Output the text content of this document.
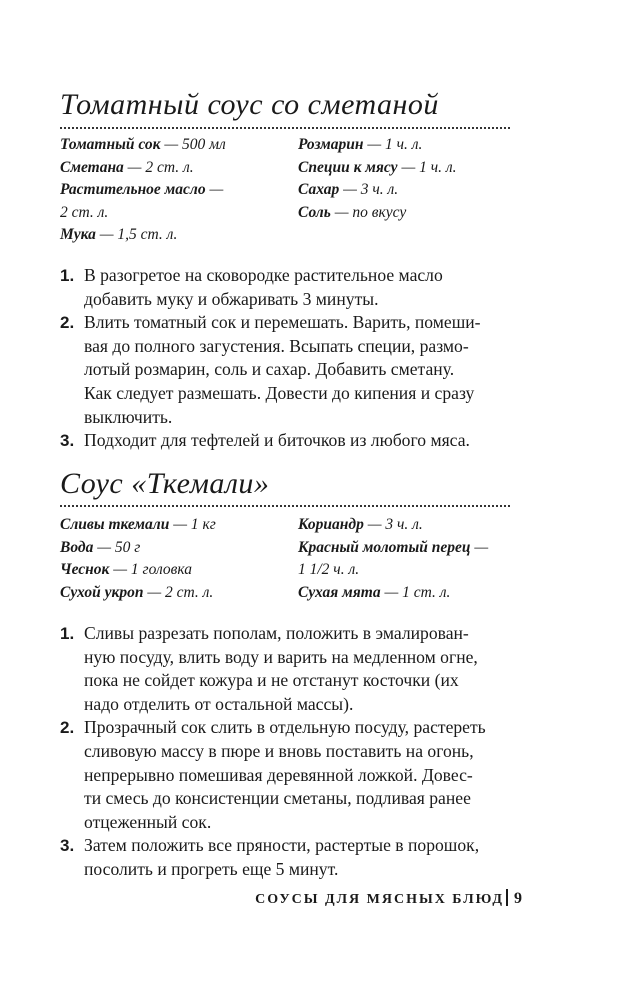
Томатный соус со сметаной

Томатный сок — 500 мл

Сметана — 2 ст. л.

Растительное масло —

2 ст. л.

Мука — 1,5 ст. л.

Розмарин — 1 ч. л.

Специи к мясу — 1 ч. л.

Сахар — 3 ч. л.

Соль — по вкусу

1. В разогретое на сковородке растительное масло
добавить муку и обжаривать 3 минуты.
2. Влить томатный сок и перемешать. Варить, помеши-
вая до полного загустения. Всыпать специи, размо-
лотый розмарин, соль и сахар. Добавить сметану.
Как следует размешать. Довести до кипения и сразу
выключить.
3. Подходит для тефтелей и биточков из любого мяса.
Соус «Ткемали»

Сливы ткемали — 1 кг

Вода — 50 г

Чеснок — 1 головка

Сухой укроп — 2 ст. л.

Кориандр — 3 ч. л.

Красный молотый перец —

1 1/2 ч. л.

Сухая мята — 1 ст. л.

1. Сливы разрезать пополам, положить в эмалирован-
ную посуду, влить воду и варить на медленном огне,
пока не сойдет кожура и не отстанут косточки (их
надо отделить от остальной массы).
2. Прозрачный сок слить в отдельную посуду, растереть
сливовую массу в пюре и вновь поставить на огонь,
непрерывно помешивая деревянной ложкой. Довес-
ти смесь до консистенции сметаны, подливая ранее
отцеженный сок.
3. Затем положить все пряности, растертые в порошок,
посолить и прогреть еще 5 минут.
СОУСЫ ДЛЯ МЯСНЫХ БЛЮД 9
